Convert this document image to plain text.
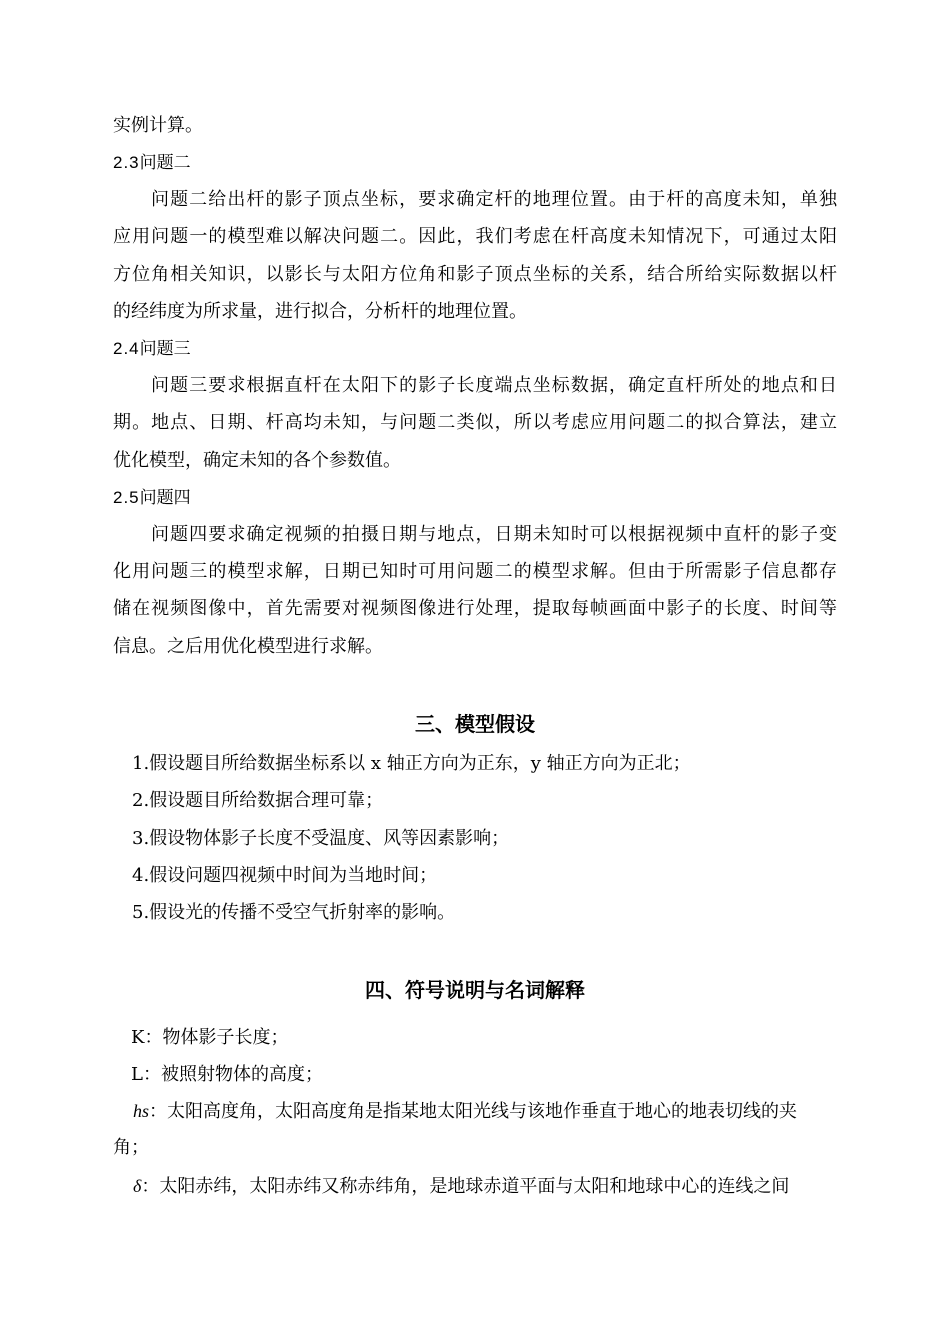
实例计算。
2.3问题二
问题二给出杆的影子顶点坐标，要求确定杆的地理位置。由于杆的高度未知，单独
应用问题一的模型难以解决问题二。因此，我们考虑在杆高度未知情况下，可通过太阳
方位角相关知识，以影长与太阳方位角和影子顶点坐标的关系，结合所给实际数据以杆
的经纬度为所求量，进行拟合，分析杆的地理位置。
2.4问题三
问题三要求根据直杆在太阳下的影子长度端点坐标数据，确定直杆所处的地点和日
期。地点、日期、杆高均未知，与问题二类似，所以考虑应用问题二的拟合算法，建立
优化模型，确定未知的各个参数值。
2.5问题四
问题四要求确定视频的拍摄日期与地点，日期未知时可以根据视频中直杆的影子变
化用问题三的模型求解，日期已知时可用问题二的模型求解。但由于所需影子信息都存
储在视频图像中，首先需要对视频图像进行处理，提取每帧画面中影子的长度、时间等
信息。之后用优化模型进行求解。
三、模型假设
1.假设题目所给数据坐标系以 x 轴正方向为正东，y 轴正方向为正北；
2.假设题目所给数据合理可靠；
3.假设物体影子长度不受温度、风等因素影响；
4.假设问题四视频中时间为当地时间；
5.假设光的传播不受空气折射率的影响。
四、符号说明与名词解释
K：物体影子长度；
L：被照射物体的高度；
hs：太阳高度角，太阳高度角是指某地太阳光线与该地作垂直于地心的地表切线的夹
角；
δ：太阳赤纬，太阳赤纬又称赤纬角，是地球赤道平面与太阳和地球中心的连线之间
